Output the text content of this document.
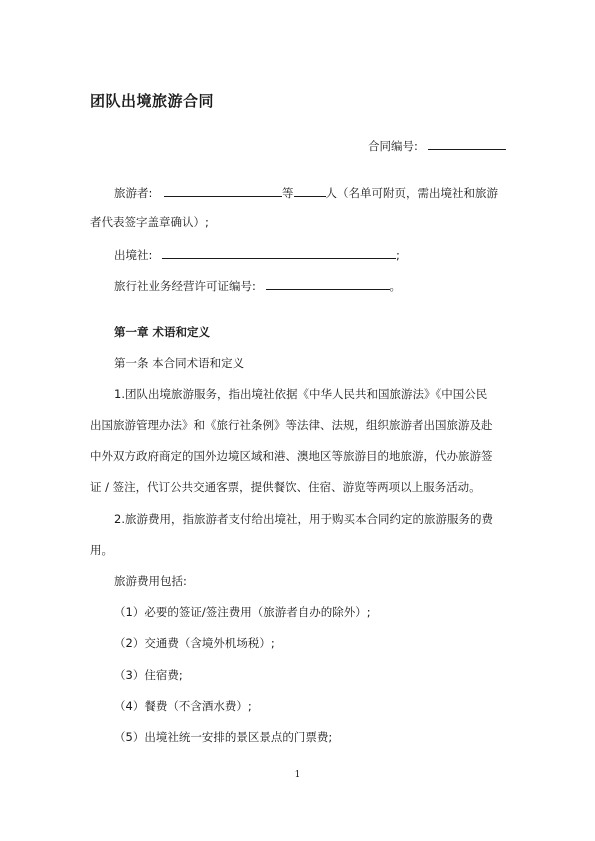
团队出境旅游合同
合同编号:
旅游者:	等	人（名单可附页，需出境社和旅游
者代表签字盖章确认）;
出境社:	;
旅行社业务经营许可证编号:	。
第一章 术语和定义
第一条 本合同术语和定义
1.团队出境旅游服务，指出境社依据《中华人民共和国旅游法》《中国公民
出国旅游管理办法》和《旅行社条例》等法律、法规，组织旅游者出国旅游及赴
中外双方政府商定的国外边境区域和港、澳地区等旅游目的地旅游，代办旅游签
证 / 签注，代订公共交通客票，提供餐饮、住宿、游览等两项以上服务活动。
2.旅游费用，指旅游者支付给出境社，用于购买本合同约定的旅游服务的费
用。
旅游费用包括:
（1）必要的签证/签注费用（旅游者自办的除外）;
（2）交通费（含境外机场税）;
（3）住宿费;
（4）餐费（不含酒水费）;
（5）出境社统一安排的景区景点的门票费;
1
